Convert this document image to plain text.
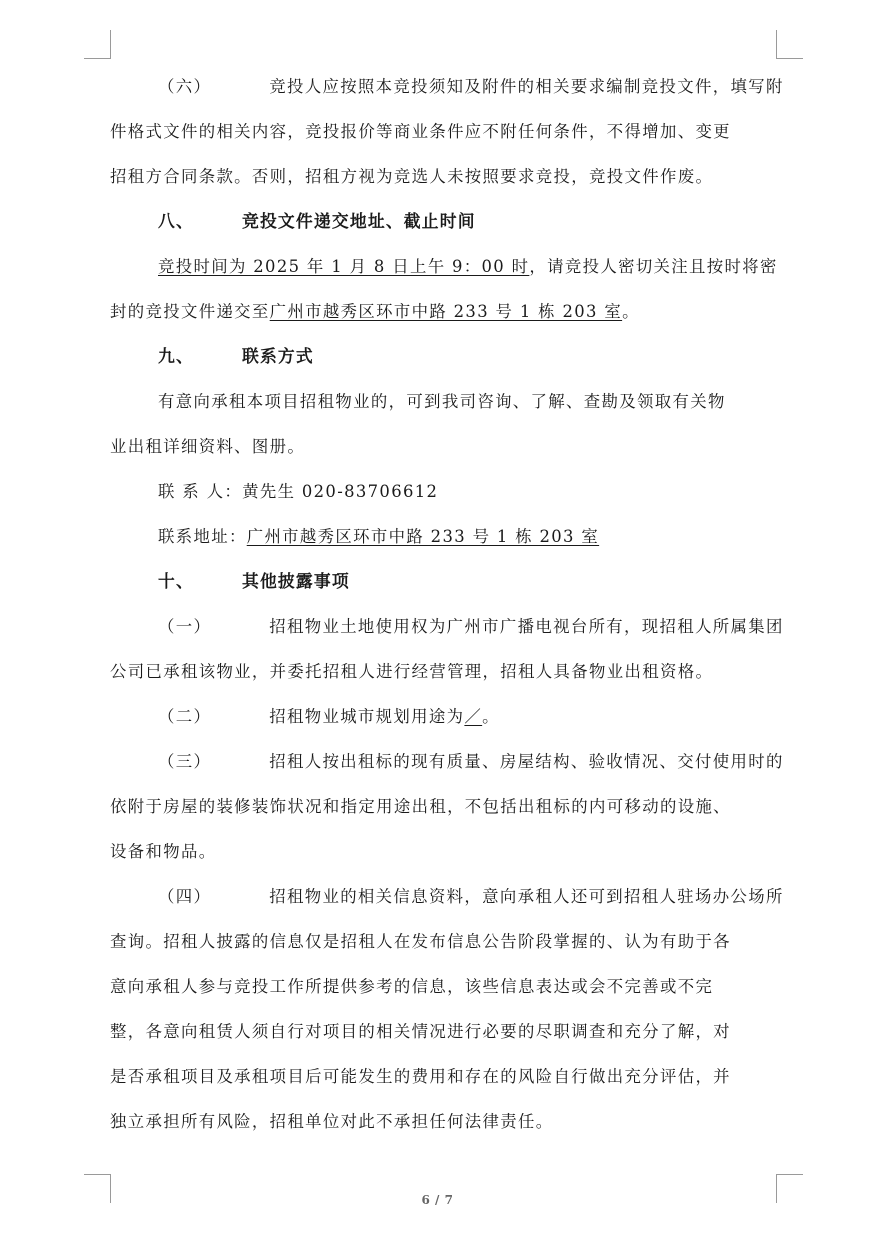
（六）	竞投人应按照本竞投须知及附件的相关要求编制竞投文件，填写附

件格式文件的相关内容，竞投报价等商业条件应不附任何条件，不得增加、变更

招租方合同条款。否则，招租方视为竞选人未按照要求竞投，竞投文件作废。

八、	竞投文件递交地址、截止时间

竞投时间为 2025 年 1 月 8 日上午 9：00 时，请竞投人密切关注且按时将密

封的竞投文件递交至广州市越秀区环市中路 233 号 1 栋 203 室。

九、	联系方式

有意向承租本项目招租物业的，可到我司咨询、了解、查勘及领取有关物

业出租详细资料、图册。

联 系 人：黄先生 020-83706612

联系地址：广州市越秀区环市中路 233 号 1 栋 203 室

十、	其他披露事项

（一）	招租物业土地使用权为广州市广播电视台所有，现招租人所属集团

公司已承租该物业，并委托招租人进行经营管理，招租人具备物业出租资格。

（二）	招租物业城市规划用途为／。

（三）	招租人按出租标的现有质量、房屋结构、验收情况、交付使用时的

依附于房屋的装修装饰状况和指定用途出租，不包括出租标的内可移动的设施、

设备和物品。

（四）	招租物业的相关信息资料，意向承租人还可到招租人驻场办公场所

查询。招租人披露的信息仅是招租人在发布信息公告阶段掌握的、认为有助于各

意向承租人参与竞投工作所提供参考的信息，该些信息表达或会不完善或不完

整，各意向租赁人须自行对项目的相关情况进行必要的尽职调查和充分了解，对

是否承租项目及承租项目后可能发生的费用和存在的风险自行做出充分评估，并

独立承担所有风险，招租单位对此不承担任何法律责任。

6 / 7
